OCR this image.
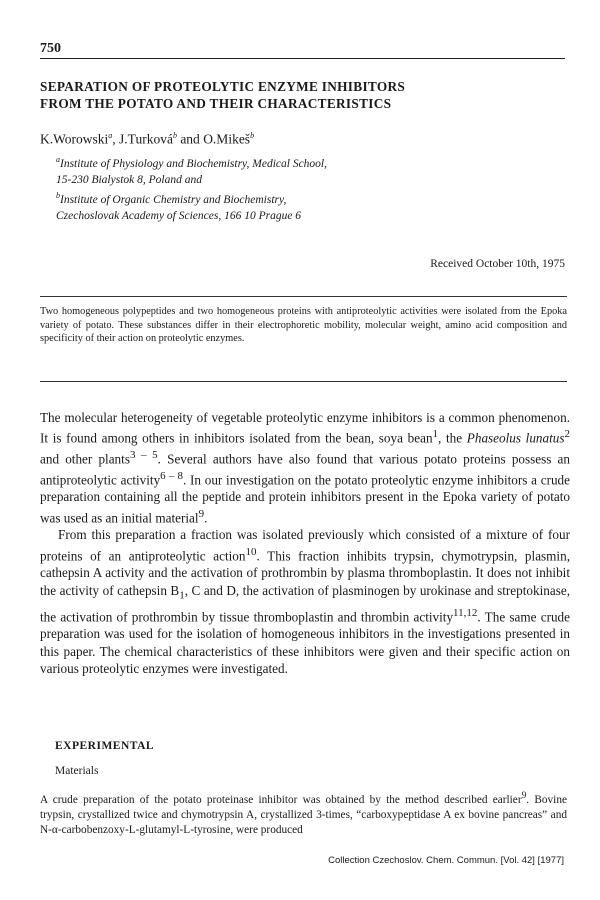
750
SEPARATION OF PROTEOLYTIC ENZYME INHIBITORS
FROM THE POTATO AND THEIR CHARACTERISTICS
K.Worowski$^a$, J.Turková$^b$ and O.Mikeš$^b$
$^a$Institute of Physiology and Biochemistry, Medical School,
15-230 Bialystok 8, Poland and
$^b$Institute of Organic Chemistry and Biochemistry,
Czechoslovak Academy of Sciences, 166 10 Prague 6
Received October 10th, 1975
Two homogeneous polypeptides and two homogeneous proteins with antiproteolytic activities were isolated from the Epoka variety of potato. These substances differ in their electrophoretic mobility, molecular weight, amino acid composition and specificity of their action on proteolytic enzymes.

The molecular heterogeneity of vegetable proteolytic enzyme inhibitors is a common phenomenon. It is found among others in inhibitors isolated from the bean, soya bean$^1$, the Phaseolus lunatus$^2$ and other plants$^{3 - 5}$. Several authors have also found that various potato proteins possess an antiproteolytic activity$^{6 - 8}$. In our investigation on the potato proteolytic enzyme inhibitors a crude preparation containing all the peptide and protein inhibitors present in the Epoka variety of potato was used as an initial material$^9$.

From this preparation a fraction was isolated previously which consisted of a mixture of four proteins of an antiproteolytic action$^{10}$. This fraction inhibits trypsin, chymotrypsin, plasmin, cathepsin A activity and the activation of prothrombin by plasma thromboplastin. It does not inhibit the activity of cathepsin $B_1$, C and D, the activation of plasminogen by urokinase and streptokinase, the activation of prothrombin by tissue thromboplastin and thrombin activity$^{11,12}$. The same crude preparation was used for the isolation of homogeneous inhibitors in the investigations presented in this paper. The chemical characteristics of these inhibitors were given and their specific action on various proteolytic enzymes were investigated.

EXPERIMENTAL
Materials
A crude preparation of the potato proteinase inhibitor was obtained by the method described earlier$^9$. Bovine trypsin, crystallized twice and chymotrypsin A, crystallized 3-times, “carboxypeptidase A ex bovine pancreas” and N-α-carbobenzoxy-L-glutamyl-L-tyrosine, were produced
Collection Czechoslov. Chem. Commun. [Vol. 42] [1977]
